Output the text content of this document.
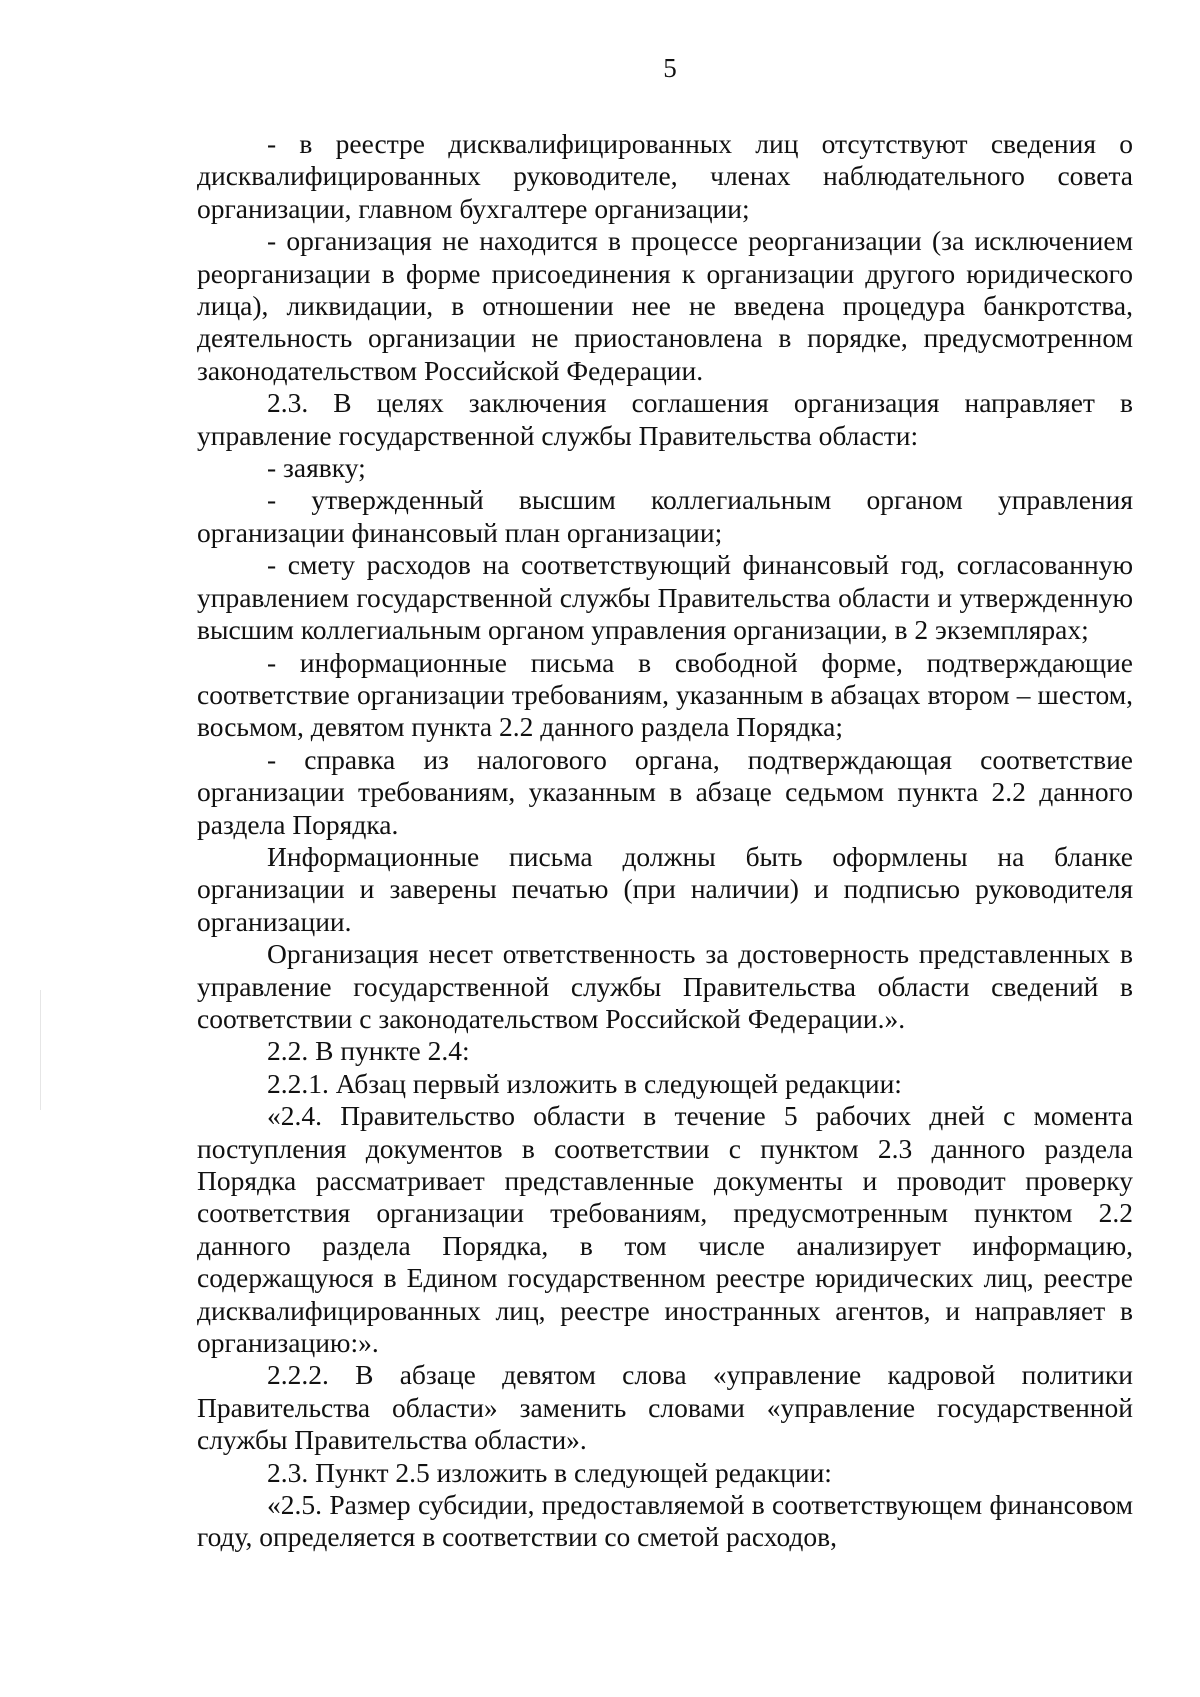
5

- в реестре дисквалифицированных лиц отсутствуют сведения о дисквалифицированных руководителе, членах наблюдательного совета организации, главном бухгалтере организации;

- организация не находится в процессе реорганизации (за исключением реорганизации в форме присоединения к организации другого юридического лица), ликвидации, в отношении нее не введена процедура банкротства, деятельность организации не приостановлена в порядке, предусмотренном законодательством Российской Федерации.

2.3. В целях заключения соглашения организация направляет в управление государственной службы Правительства области:

- заявку;

- утвержденный высшим коллегиальным органом управления организации финансовый план организации;

- смету расходов на соответствующий финансовый год, согласованную управлением государственной службы Правительства области и утвержденную высшим коллегиальным органом управления организации, в 2 экземплярах;

- информационные письма в свободной форме, подтверждающие соответствие организации требованиям, указанным в абзацах втором – шестом, восьмом, девятом пункта 2.2 данного раздела Порядка;

- справка из налогового органа, подтверждающая соответствие организации требованиям, указанным в абзаце седьмом пункта 2.2 данного раздела Порядка.

Информационные письма должны быть оформлены на бланке организации и заверены печатью (при наличии) и подписью руководителя организации.

Организация несет ответственность за достоверность представленных в управление государственной службы Правительства области сведений в соответствии с законодательством Российской Федерации.».

2.2. В пункте 2.4:

2.2.1. Абзац первый изложить в следующей редакции:

«2.4. Правительство области в течение 5 рабочих дней с момента поступления документов в соответствии с пунктом 2.3 данного раздела Порядка рассматривает представленные документы и проводит проверку соответствия организации требованиям, предусмотренным пунктом 2.2 данного раздела Порядка, в том числе анализирует информацию, содержащуюся в Едином государственном реестре юридических лиц, реестре дисквалифицированных лиц, реестре иностранных агентов, и направляет в организацию:».

2.2.2. В абзаце девятом слова «управление кадровой политики Правительства области» заменить словами «управление государственной службы Правительства области».

2.3. Пункт 2.5 изложить в следующей редакции:

«2.5. Размер субсидии, предоставляемой в соответствующем финансовом году, определяется в соответствии со сметой расходов,
